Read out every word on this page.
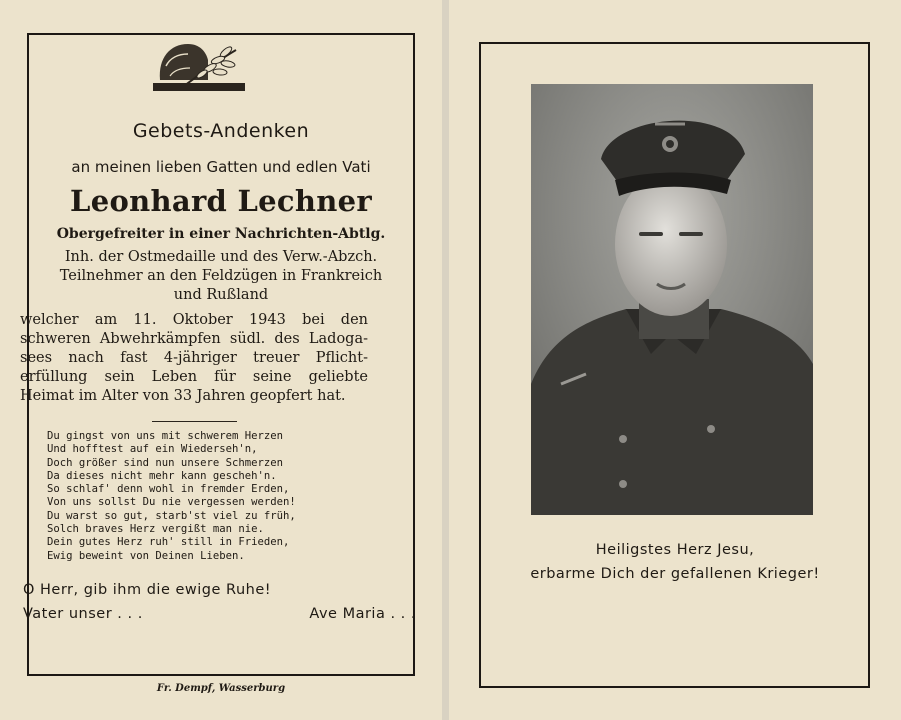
Gebets-Andenken
an meinen lieben Gatten und edlen Vati
Leonhard Lechner
Obergefreiter in einer Nachrichten-Abtlg.
Inh. der Ostmedaille und des Verw.-Abzch.
Teilnehmer an den Feldzügen in Frankreich
und Rußland
welcher am 11. Oktober 1943 bei den
schweren Abwehrkämpfen südl. des Ladoga-
sees nach fast 4-jähriger treuer Pflicht-
erfüllung sein Leben für seine geliebte
Heimat im Alter von 33 Jahren geopfert hat.
Du gingst von uns mit schwerem Herzen
Und hofftest auf ein Wiederseh'n,
Doch größer sind nun unsere Schmerzen
Da dieses nicht mehr kann gescheh'n.
So schlaf' denn wohl in fremder Erden,
Von uns sollst Du nie vergessen werden!
Du warst so gut, starb'st viel zu früh,
Solch braves Herz vergißt man nie.
Dein gutes Herz ruh' still in Frieden,
Ewig beweint von Deinen Lieben.
O Herr, gib ihm die ewige Ruhe!
Vater unser . . .	Ave Maria . . .
Fr. Dempf, Wasserburg
Heiligstes Herz Jesu,
erbarme Dich der gefallenen Krieger!
